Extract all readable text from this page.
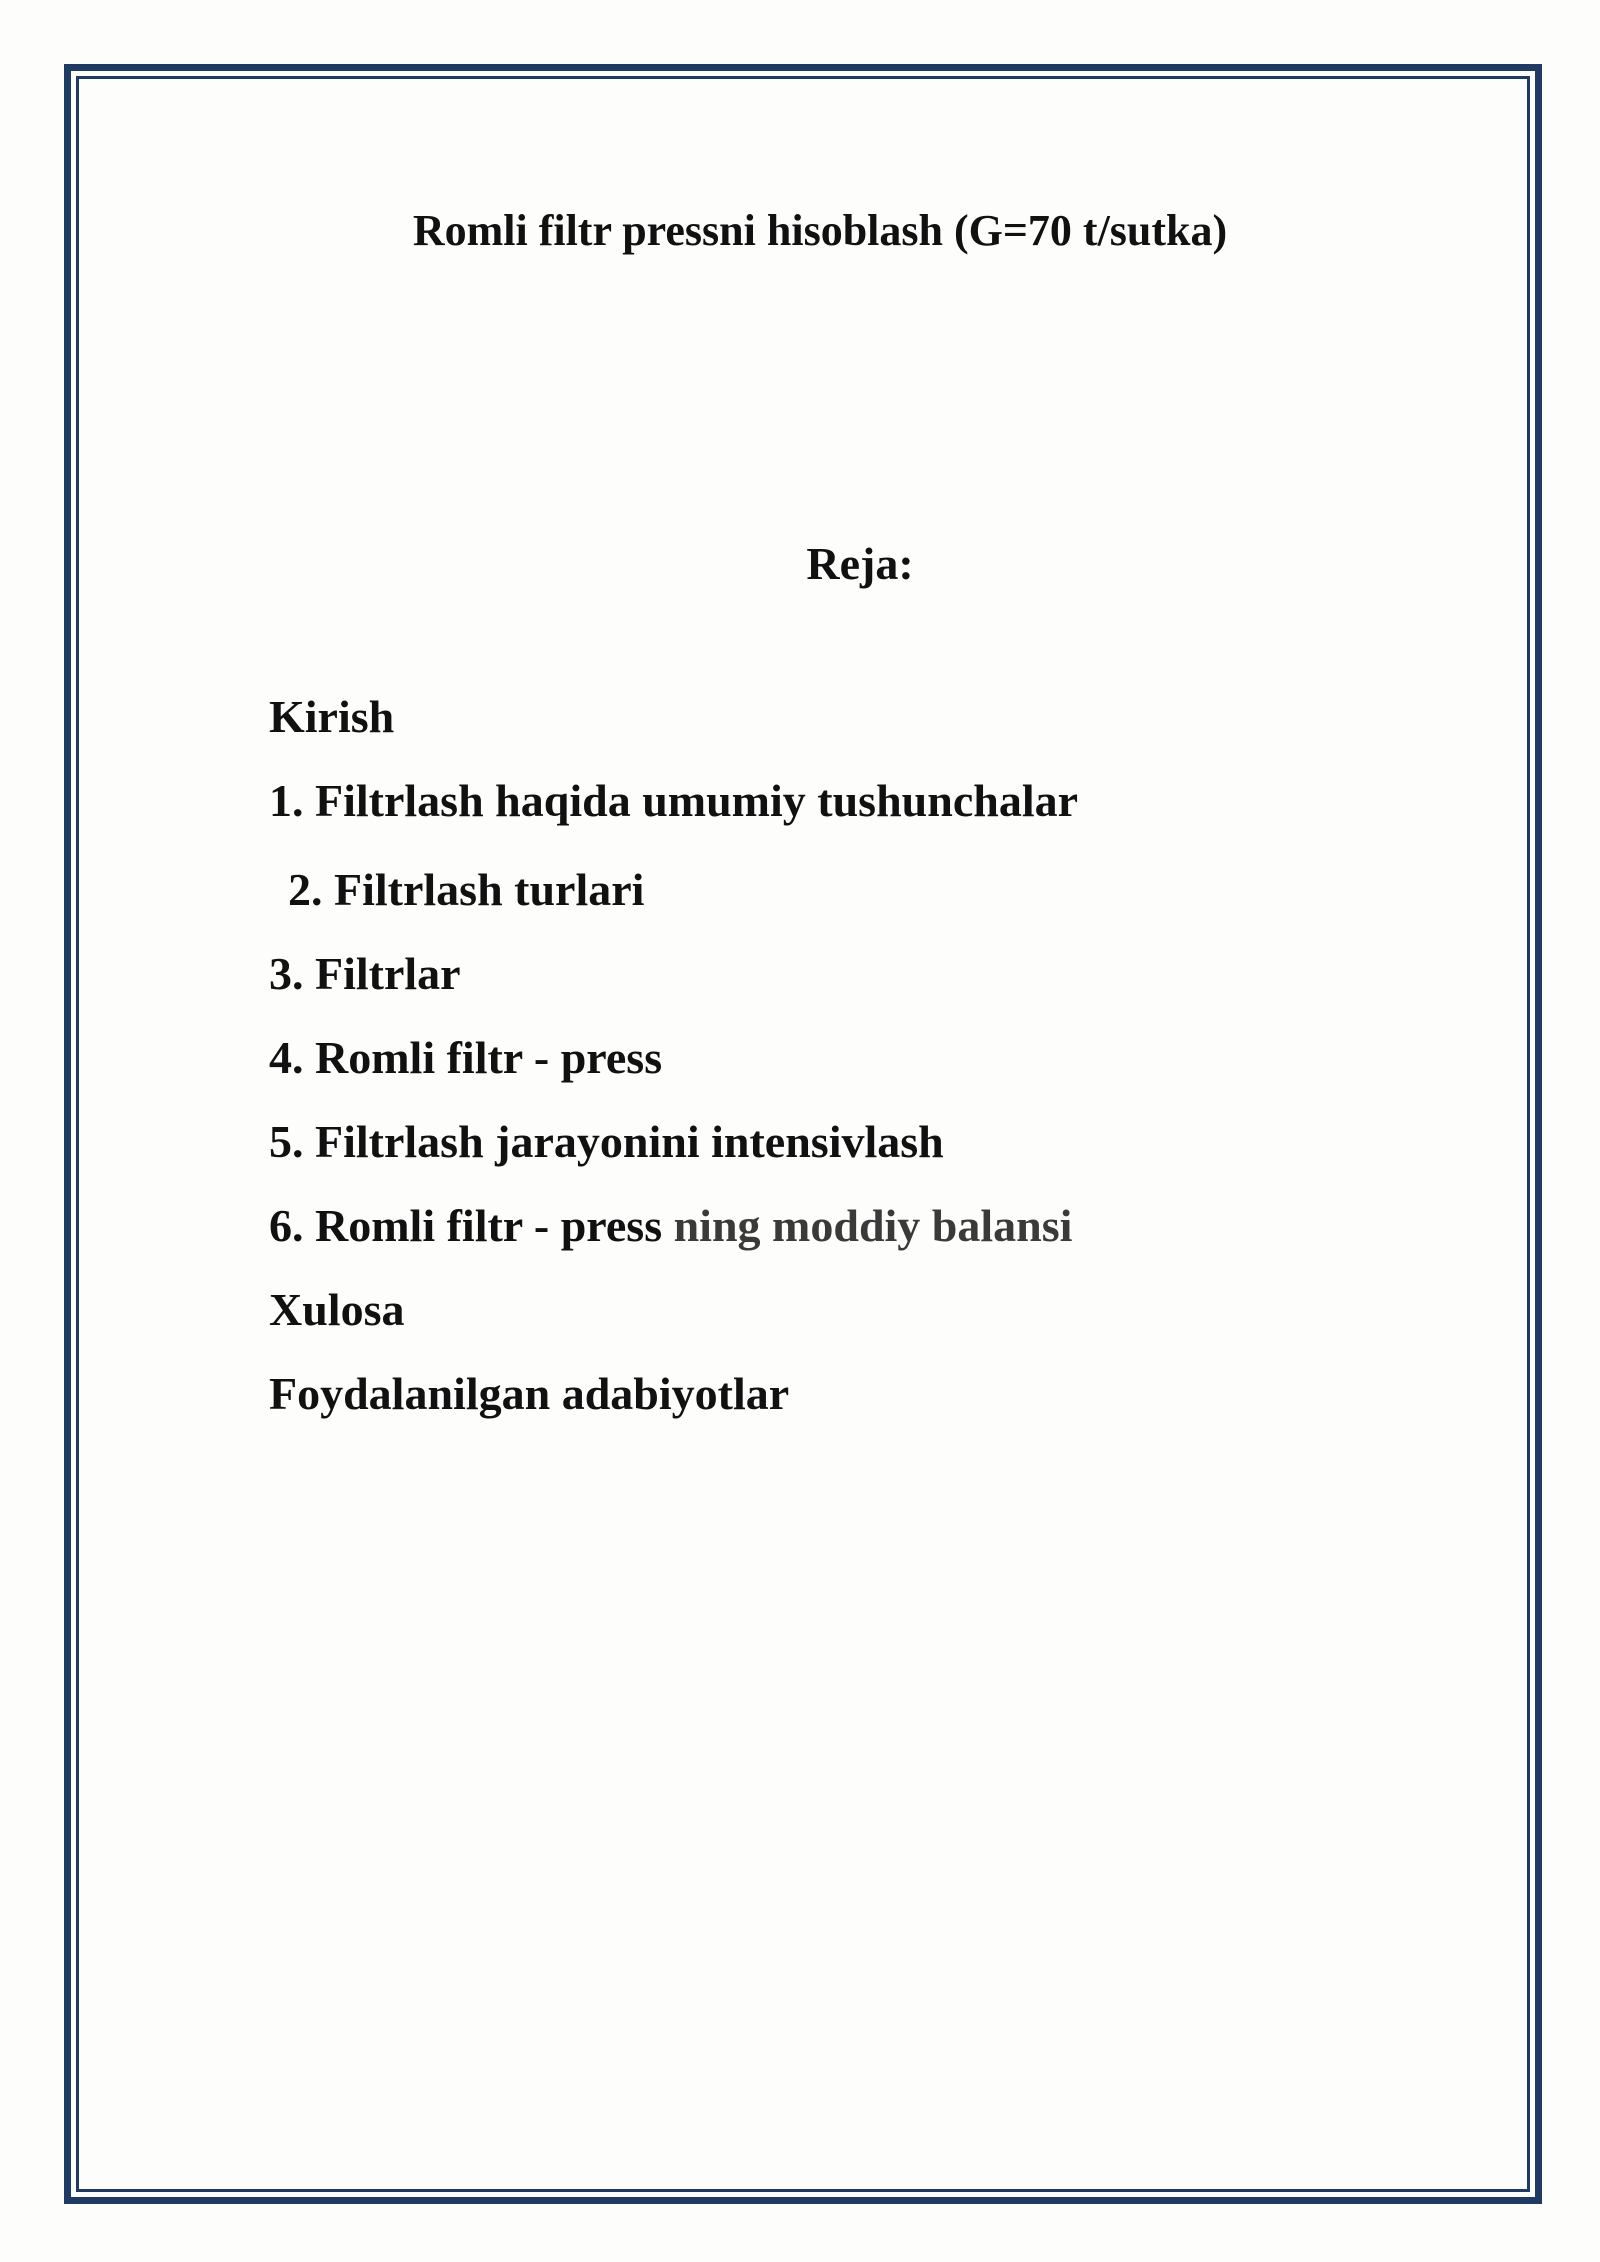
Romli filtr pressni hisoblash (G=70 t/sutka)
Reja:
Kirish
1. Filtrlash haqida umumiy tushunchalar
2. Filtrlash turlari
3. Filtrlar
4. Romli filtr - press
5. Filtrlash jarayonini intensivlash
6. Romli filtr - press ning moddiy balansi
Xulosa
Foydalanilgan adabiyotlar
